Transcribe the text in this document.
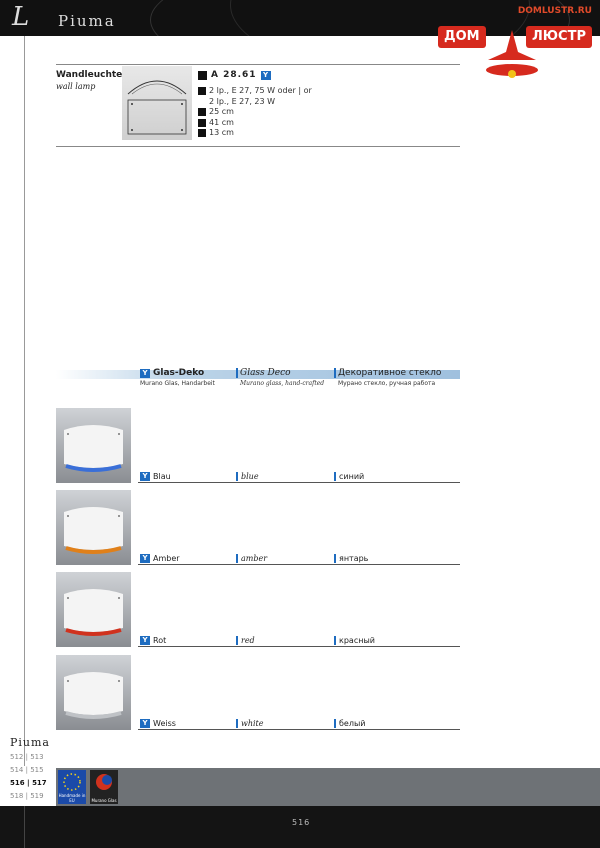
L Piuma
DOMLUSTR.RU
ДОМ	ЛЮСТР
Wandleuchte
wall lamp
A 28.61 Y
2 lp., E 27, 75 W oder | or
2 lp., E 27, 23 W
25 cm
41 cm
13 cm
Y Glas-Deko
Murano Glas, Handarbeit
Glass Deco
Murano glass, hand-crafted
Декоративное стекло
Мурано стекло, ручная работа
Y Blau	blue	синий
Y Amber	amber	янтарь
Y Rot	red	красный
Y Weiss	white	белый
Piuma
512 | 513
514 | 515
516 | 517
518 | 519	Handmade in EU	Murano Glas
516
